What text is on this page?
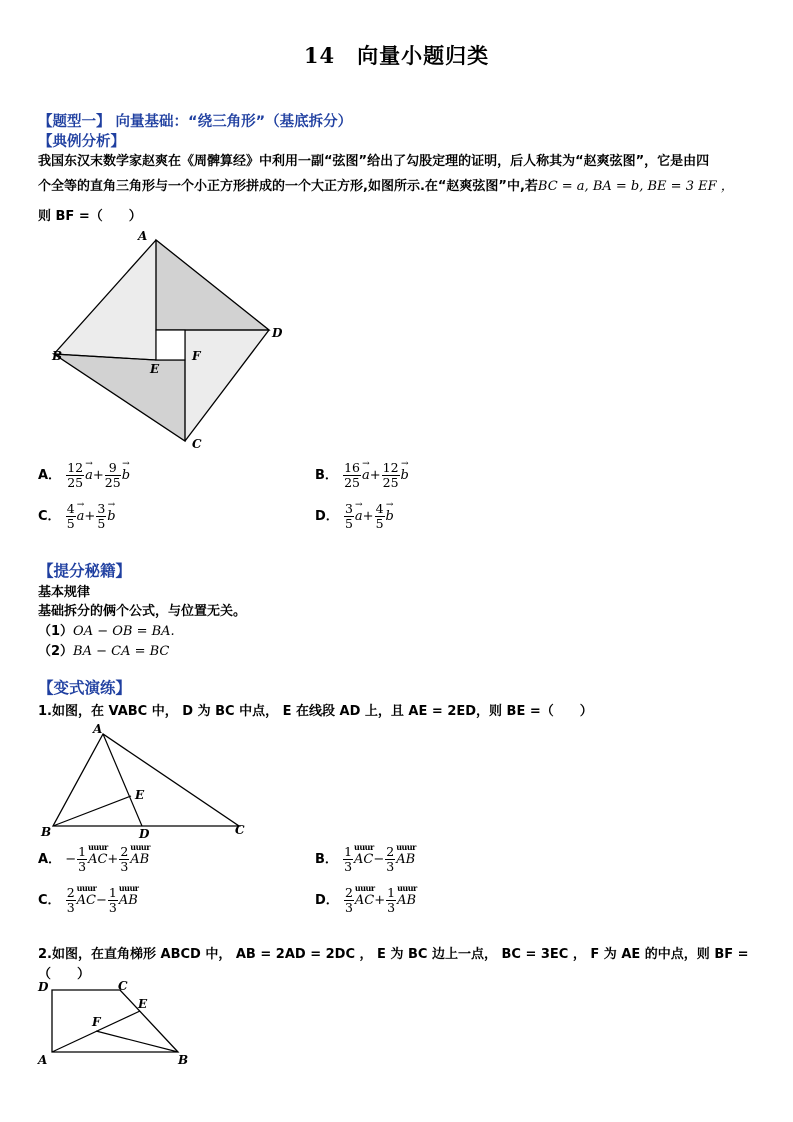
14　向量小题归类
【题型一】 向量基础：“绕三角形”（基底拆分）
【典例分析】
我国东汉末数学家赵爽在《周髀算经》中利用一副“弦图”给出了勾股定理的证明，后人称其为“赵爽弦图”，它是由四
个全等的直角三角形与一个小正方形拼成的一个大正方形,如图所示.在“赵爽弦图”中,若BC = a, BA = b, BE = 3 EF ，
则 BF =（　　）
A
B
C
D
E
F
A． $\frac{12}{25}$
→ $a+ \frac{9}{25}$
→ b	B． $\frac{16}{25}$
→ $a+ \frac{12}{25}$
→ b
C． $\frac{4}{5}$
→ $a+ \frac{3}{5}$
→ b	D． $\frac{3}{5}$
→ $a+ \frac{4}{5}$
→ b
【提分秘籍】
基本规律
基础拆分的俩个公式，与位置无关。
（1）OA − OB = BA.
（2）BA − CA = BC
【变式演练】
1.如图，在 VABC 中， D 为 BC 中点， E 在线段 AD 上，且 AE = 2ED，则 BE =（　　）
A
B	C
D
E
A． − $\frac{1}{3}$
uuur $AC+ \frac{2}{3}$
uuur AB	B． $\frac{1}{3}$
uuur $AC- \frac{2}{3}$
uuur AB
C． $\frac{2}{3}$
uuur $AC- \frac{1}{3}$
uuur AB	D． $\frac{2}{3}$
uuur $AC+ \frac{1}{3}$
uuur AB
2.如图，在直角梯形 ABCD 中， AB = 2AD = 2DC ， E 为 BC 边上一点， BC = 3EC ， F 为 AE 的中点，则 BF =
（　　）
D	C
E
F
A	B
